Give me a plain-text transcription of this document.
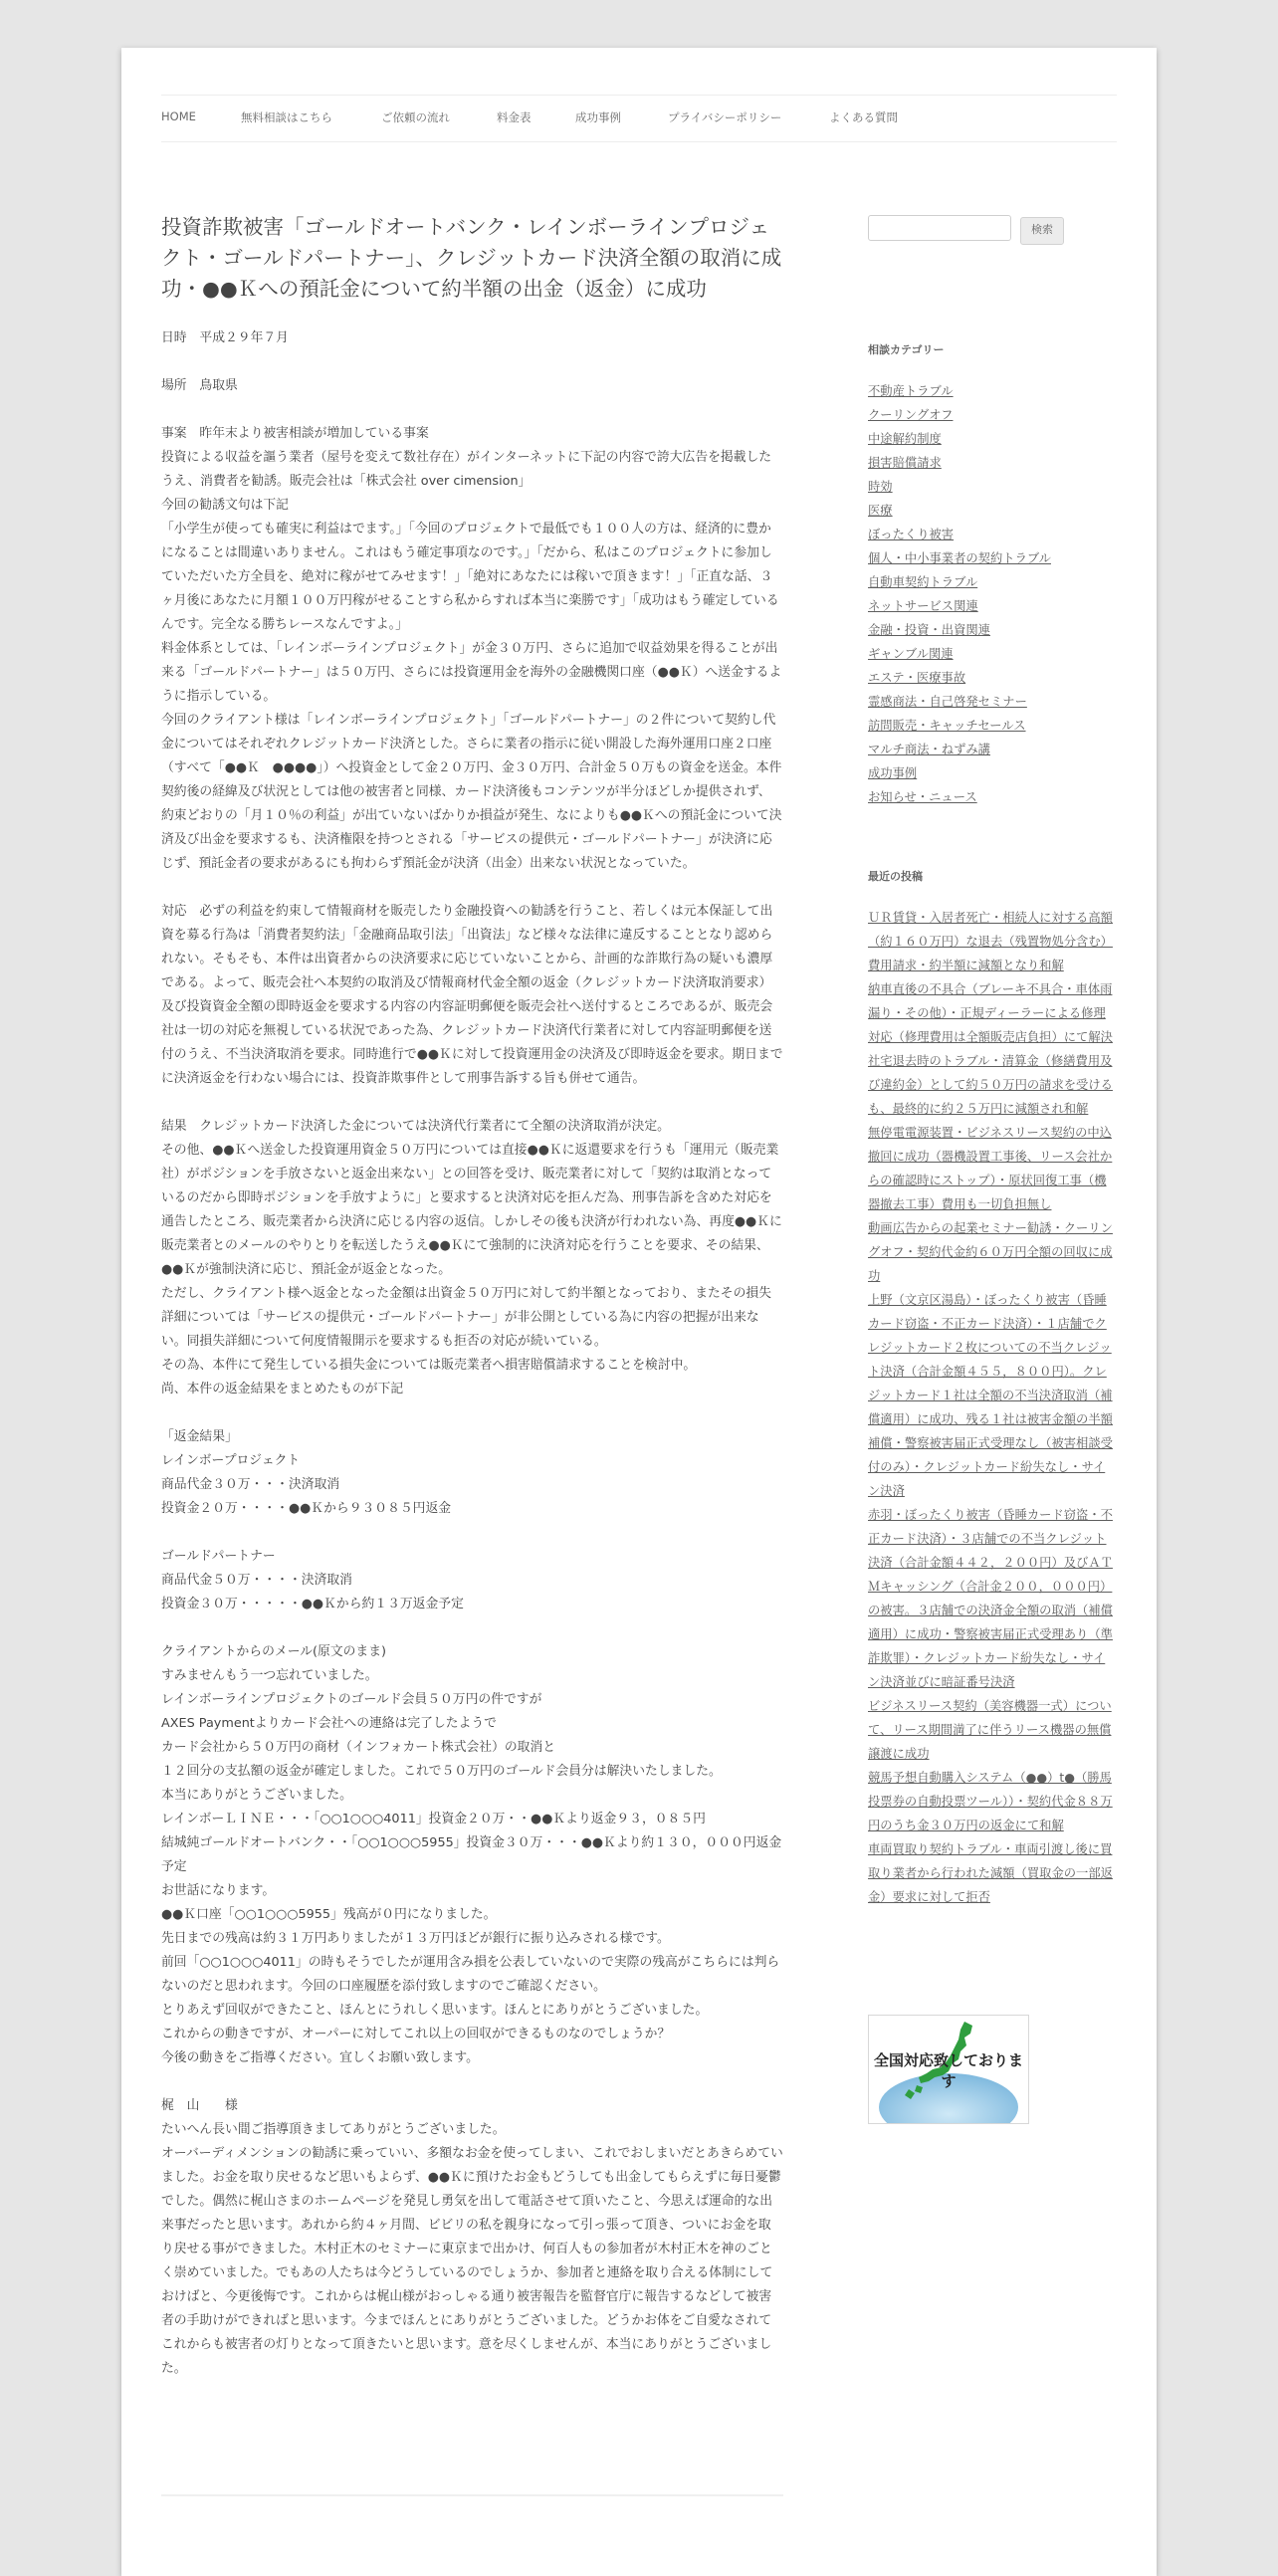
HOME	無料相談はこちら	ご依頼の流れ	料金表	成功事例	プライバシーポリシー	よくある質問
投資詐欺被害「ゴールドオートバンク・レインボーラインプロジェクト・ゴールドパートナー」、クレジットカード決済全額の取消に成功・●●Ｋへの預託金について約半額の出金（返金）に成功

日時　平成２９年７月

場所　鳥取県

事案　昨年末より被害相談が増加している事案
投資による収益を謳う業者（屋号を変えて数社存在）がインターネットに下記の内容で誇大広告を掲載したうえ、消費者を勧誘。販売会社は「株式会社 over cimension」
今回の勧誘文句は下記
「小学生が使っても確実に利益はでます。」「今回のプロジェクトで最低でも１００人の方は、経済的に豊かになることは間違いありません。これはもう確定事項なのです。」「だから、私はこのプロジェクトに参加していただいた方全員を、絶対に稼がせてみせます！」「絶対にあなたには稼いで頂きます！」「正直な話、３ヶ月後にあなたに月額１００万円稼がせることすら私からすれば本当に楽勝です」「成功はもう確定しているんです。完全なる勝ちレースなんですよ。」
料金体系としては、「レインボーラインプロジェクト」が金３０万円、さらに追加で収益効果を得ることが出来る「ゴールドパートナー」は５０万円、さらには投資運用金を海外の金融機関口座（●●Ｋ）へ送金するように指示している。
今回のクライアント様は「レインボーラインプロジェクト」「ゴールドパートナー」の２件について契約し代金についてはそれぞれクレジットカード決済とした。さらに業者の指示に従い開設した海外運用口座２口座（すべて「●●Ｋ　●●●●」）へ投資金として金２０万円、金３０万円、合計金５０万もの資金を送金。本件契約後の経緯及び状況としては他の被害者と同様、カード決済後もコンテンツが半分ほどしか提供されず、約束どおりの「月１０％の利益」が出ていないばかりか損益が発生、なによりも●●Ｋへの預託金について決済及び出金を要求するも、決済権限を持つとされる「サービスの提供元・ゴールドパートナー」が決済に応じず、預託金者の要求があるにも拘わらず預託金が決済（出金）出来ない状況となっていた。

対応　必ずの利益を約束して情報商材を販売したり金融投資への勧誘を行うこと、若しくは元本保証して出資を募る行為は「消費者契約法」「金融商品取引法」「出資法」など様々な法律に違反することとなり認められない。そもそも、本件は出資者からの決済要求に応じていないことから、計画的な詐欺行為の疑いも濃厚である。よって、販売会社へ本契約の取消及び情報商材代金全額の返金（クレジットカード決済取消要求）及び投資資金全額の即時返金を要求する内容の内容証明郵便を販売会社へ送付するところであるが、販売会社は一切の対応を無視している状況であった為、クレジットカード決済代行業者に対して内容証明郵便を送付のうえ、不当決済取消を要求。同時進行で●●Ｋに対して投資運用金の決済及び即時返金を要求。期日までに決済返金を行わない場合には、投資詐欺事件として刑事告訴する旨も併せて通告。

結果　クレジットカード決済した金については決済代行業者にて全額の決済取消が決定。
その他、●●Ｋへ送金した投資運用資金５０万円については直接●●Ｋに返還要求を行うも「運用元（販売業社）がポジションを手放さないと返金出来ない」との回答を受け、販売業者に対して「契約は取消となっているのだから即時ポジションを手放すように」と要求すると決済対応を拒んだ為、刑事告訴を含めた対応を通告したところ、販売業者から決済に応じる内容の返信。しかしその後も決済が行われない為、再度●●Ｋに販売業者とのメールのやりとりを転送したうえ●●Ｋにて強制的に決済対応を行うことを要求、その結果、●●Ｋが強制決済に応じ、預託金が返金となった。
ただし、クライアント様へ返金となった金額は出資金５０万円に対して約半額となっており、またその損失詳細については「サービスの提供元・ゴールドパートナー」が非公開としている為に内容の把握が出来ない。同損失詳細について何度情報開示を要求するも拒否の対応が続いている。
その為、本件にて発生している損失金については販売業者へ損害賠償請求することを検討中。
尚、本件の返金結果をまとめたものが下記

「返金結果」
レインボープロジェクト
商品代金３０万・・・決済取消
投資金２０万・・・・●●Ｋから９３０８５円返金

ゴールドパートナー
商品代金５０万・・・・決済取消
投資金３０万・・・・・●●Ｋから約１３万返金予定

クライアントからのメール(原文のまま)
すみませんもう一つ忘れていました。
レインボーラインプロジェクトのゴールド会員５０万円の件ですが
AXES Paymentよりカード会社への連絡は完了したようで
カード会社から５０万円の商材（インフォカート株式会社）の取消と
１２回分の支払額の返金が確定しました。これで５０万円のゴールド会員分は解決いたしました。
本当にありがとうございました。
レインボーＬＩＮＥ・・・「○○1○○○4011」投資金２０万・・●●Ｋより返金９３，０８５円
結城純ゴールドオートバンク・・「○○1○○○5955」投資金３０万・・・●●Ｋより約１３０，０００円返金予定
お世話になります。
●●Ｋ口座「○○1○○○5955」残高が０円になりました。
先日までの残高は約３１万円ありましたが１３万円ほどが銀行に振り込みされる様です。
前回「○○1○○○4011」の時もそうでしたが運用含み損を公表していないので実際の残高がこちらには判らないのだと思われます。今回の口座履歴を添付致しますのでご確認ください。
とりあえず回収ができたこと、ほんとにうれしく思います。ほんとにありがとうございました。
これからの動きですが、オーパーに対してこれ以上の回収ができるものなのでしょうか？
今後の動きをご指導ください。宜しくお願い致します。

梶　山　　様
たいへん長い間ご指導頂きましてありがとうございました。
オーバーディメンションの勧誘に乗っていい、多額なお金を使ってしまい、これでおしまいだとあきらめていました。お金を取り戻せるなど思いもよらず、●●Ｋに預けたお金もどうしても出金してもらえずに毎日憂鬱でした。偶然に梶山さまのホームページを発見し勇気を出して電話させて頂いたこと、今思えば運命的な出来事だったと思います。あれから約４ヶ月間、ビビリの私を親身になって引っ張って頂き、ついにお金を取り戻せる事ができました。木村正木のセミナーに東京まで出かけ、何百人もの参加者が木村正木を神のごとく崇めていました。でもあの人たちは今どうしているのでしょうか、参加者と連絡を取り合える体制にしておけばと、今更後悔です。これからは梶山様がおっしゃる通り被害報告を監督官庁に報告するなどして被害者の手助けができればと思います。今までほんとにありがとうございました。どうかお体をご自愛なされてこれからも被害者の灯りとなって頂きたいと思います。意を尽くしませんが、本当にありがとうございました。

検索
相談カテゴリー
不動産トラブル
クーリングオフ
中途解約制度
損害賠償請求
時効
医療
ぼったくり被害
個人・中小事業者の契約トラブル
自動車契約トラブル
ネットサービス関連
金融・投資・出資関連
ギャンブル関連
エステ・医療事故
霊感商法・自己啓発セミナー
訪問販売・キャッチセールス
マルチ商法・ねずみ講
成功事例
お知らせ・ニュース
最近の投稿
ＵＲ賃貸・入居者死亡・相続人に対する高額（約１６０万円）な退去（残置物処分含む）費用請求・約半額に減額となり和解
納車直後の不具合（ブレーキ不具合・車体雨漏り・その他）・正規ディーラーによる修理対応（修理費用は全額販売店負担）にて解決
社宅退去時のトラブル・清算金（修繕費用及び違約金）として約５０万円の請求を受けるも、最終的に約２５万円に減額され和解
無停電電源装置・ビジネスリース契約の中込撤回に成功（器機設置工事後、リース会社からの確認時にストップ）・原状回復工事（機器撤去工事）費用も一切負担無し
動画広告からの起業セミナー勧誘・クーリングオフ・契約代金約６０万円全額の回収に成功
上野（文京区湯島）・ぼったくり被害（昏睡カード窃盗・不正カード決済）・１店舗でクレジットカード２枚についての不当クレジット決済（合計金額４５５，８００円）。クレジットカード１社は全額の不当決済取消（補償適用）に成功、残る１社は被害金額の半額補償・警察被害届正式受理なし（被害相談受付のみ）・クレジットカード紛失なし・サイン決済
赤羽・ぼったくり被害（昏睡カード窃盗・不正カード決済）・３店舗での不当クレジット決済（合計金額４４２，２００円）及びＡＴＭキャッシング（合計金２００，０００円）の被害。３店舗での決済金全額の取消（補償適用）に成功・警察被害届正式受理あり（準詐欺罪）・クレジットカード紛失なし・サイン決済並びに暗証番号決済
ビジネスリース契約（美容機器一式）について、リース期間満了に伴うリース機器の無償譲渡に成功
競馬予想自動購入システム（●●）t●（勝馬投票券の自動投票ツール））・契約代金８８万円のうち金３０万円の返金にて和解
車両買取り契約トラブル・車両引渡し後に買取り業者から行われた減額（買取金の一部返金）要求に対して拒否
全国対応致しております
